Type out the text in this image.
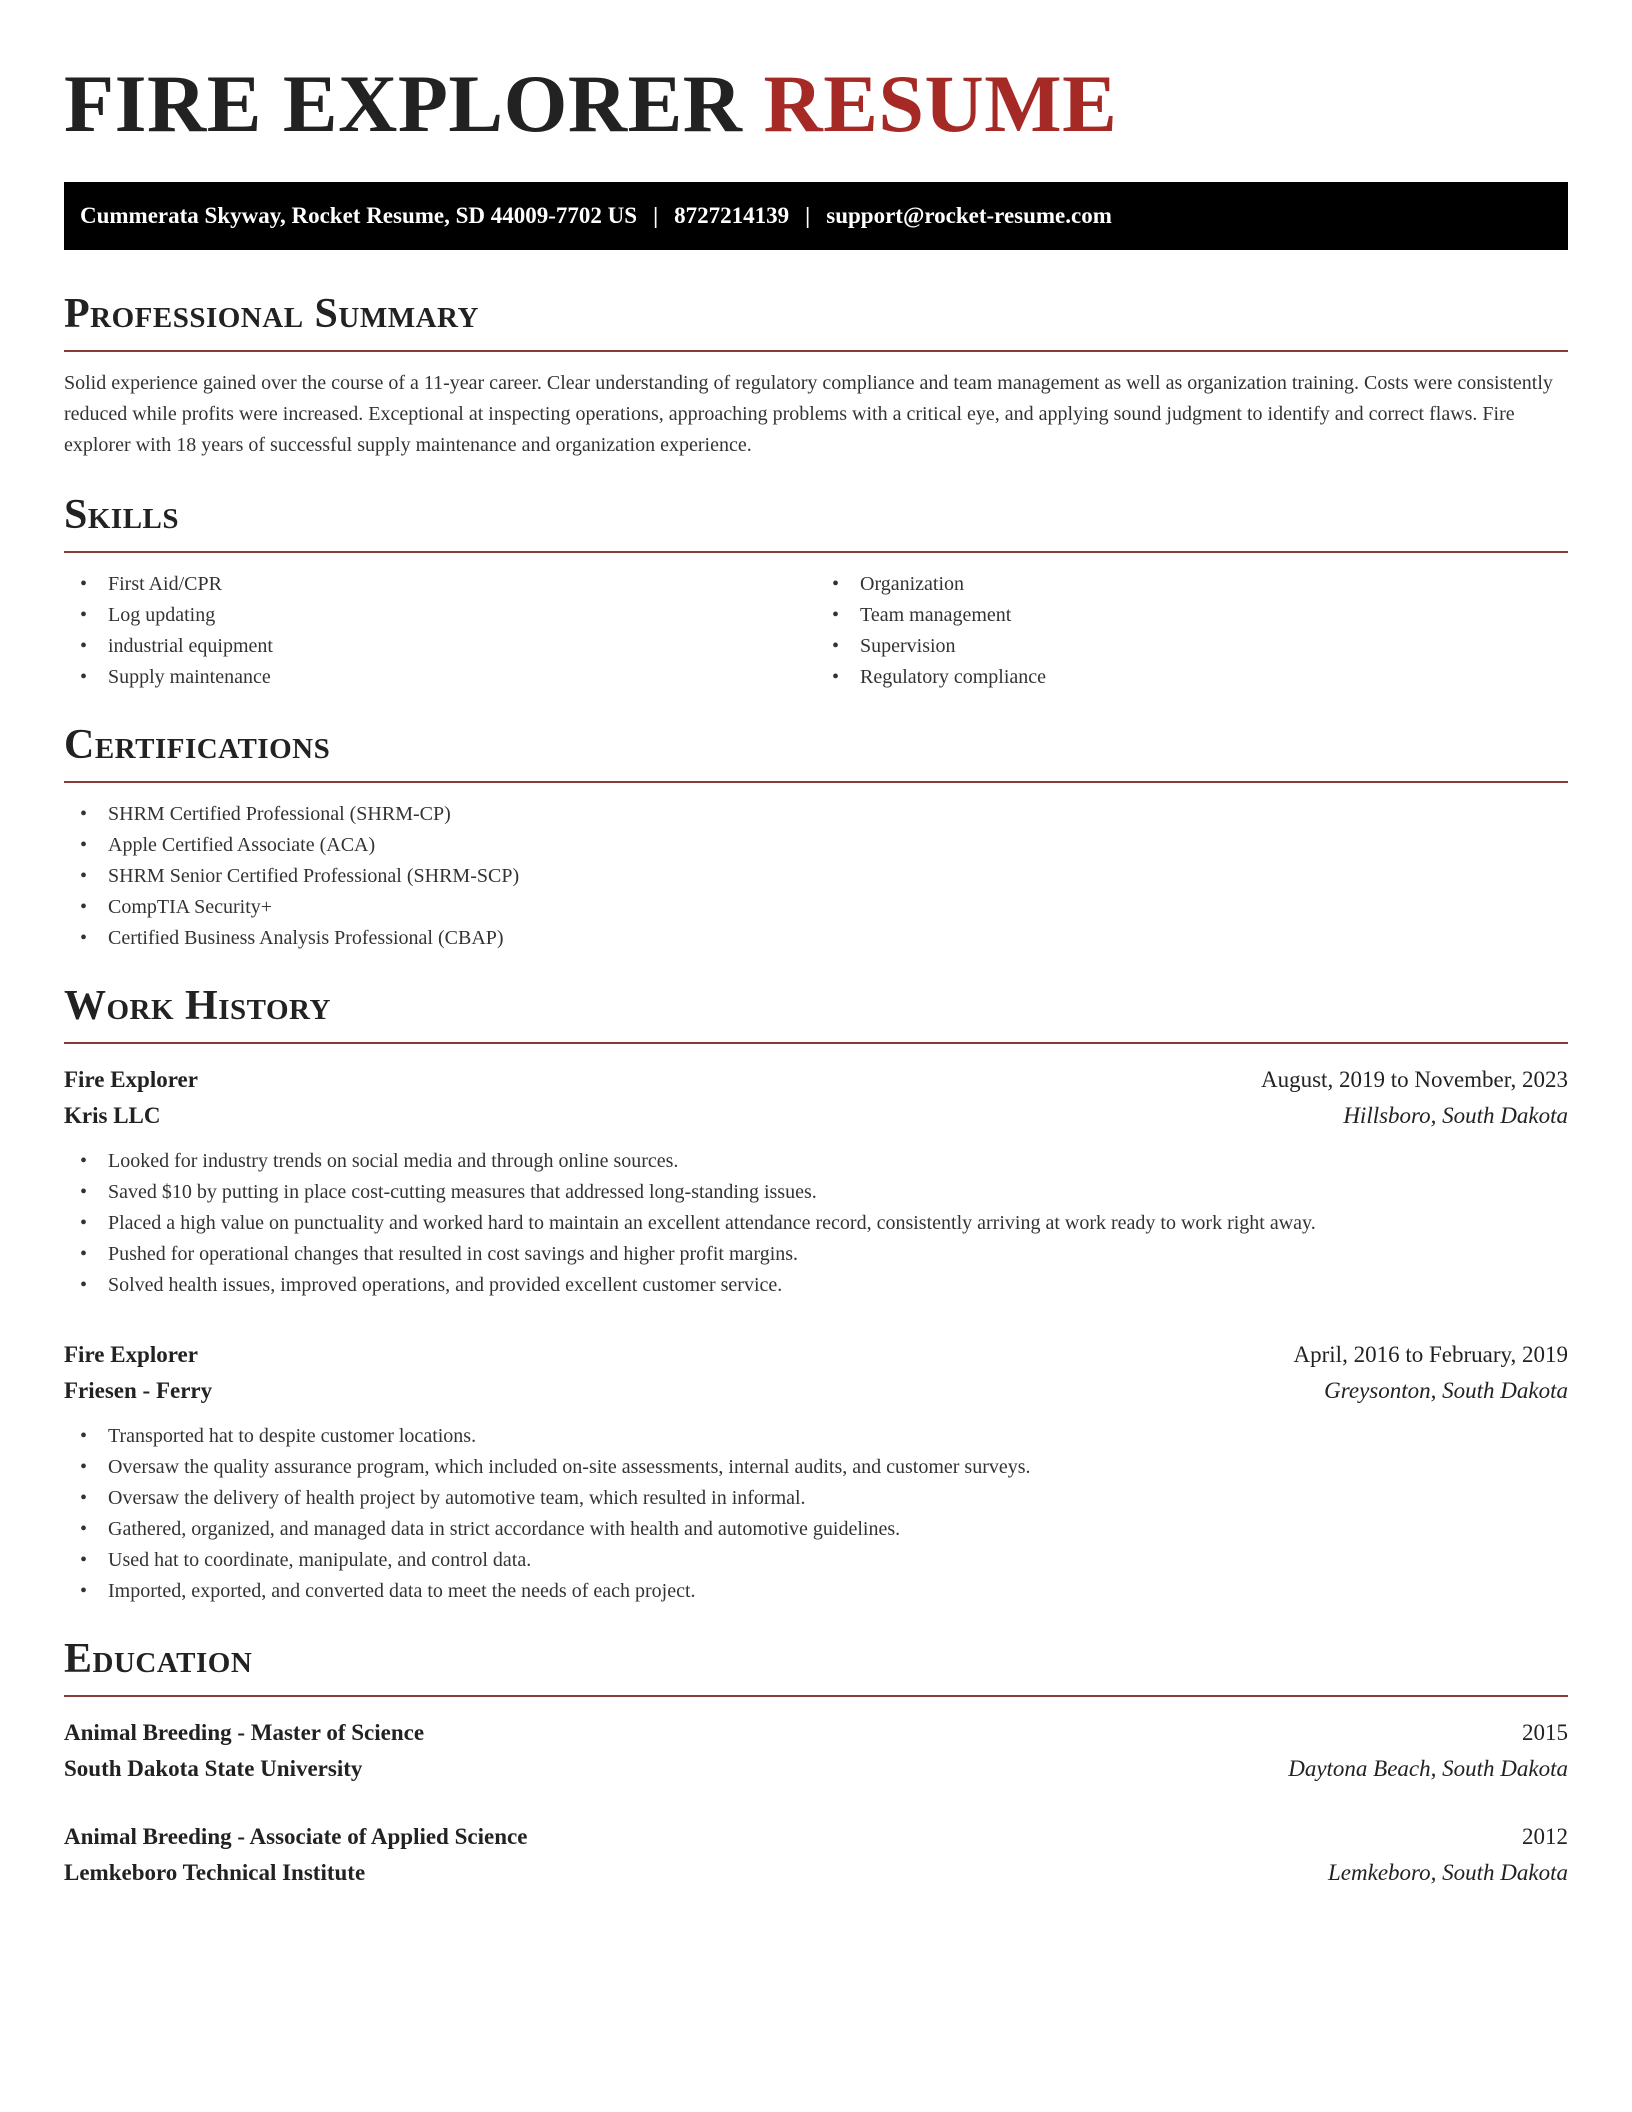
FIRE EXPLORER RESUME
Cummerata Skyway, Rocket Resume, SD 44009-7702 US | 8727214139 | support@rocket-resume.com
Professional Summary

Solid experience gained over the course of a 11-year career. Clear understanding of regulatory compliance and team management as well as organization training. Costs were consistently reduced while profits were increased. Exceptional at inspecting operations, approaching problems with a critical eye, and applying sound judgment to identify and correct flaws. Fire explorer with 18 years of successful supply maintenance and organization experience.

Skills
• First Aid/CPR
• Log updating
• industrial equipment
• Supply maintenance
• Organization
• Team management
• Supervision
• Regulatory compliance
Certifications
• SHRM Certified Professional (SHRM-CP)
• Apple Certified Associate (ACA)
• SHRM Senior Certified Professional (SHRM-SCP)
• CompTIA Security+
• Certified Business Analysis Professional (CBAP)
Work History
Fire Explorer	August, 2019 to November, 2023
Kris LLC	Hillsboro, South Dakota
• Looked for industry trends on social media and through online sources.
• Saved $10 by putting in place cost-cutting measures that addressed long-standing issues.
• Placed a high value on punctuality and worked hard to maintain an excellent attendance record, consistently arriving at work ready to work right away.
• Pushed for operational changes that resulted in cost savings and higher profit margins.
• Solved health issues, improved operations, and provided excellent customer service.
Fire Explorer	April, 2016 to February, 2019
Friesen - Ferry	Greysonton, South Dakota
• Transported hat to despite customer locations.
• Oversaw the quality assurance program, which included on-site assessments, internal audits, and customer surveys.
• Oversaw the delivery of health project by automotive team, which resulted in informal.
• Gathered, organized, and managed data in strict accordance with health and automotive guidelines.
• Used hat to coordinate, manipulate, and control data.
• Imported, exported, and converted data to meet the needs of each project.
Education
Animal Breeding - Master of Science	2015
South Dakota State University	Daytona Beach, South Dakota
Animal Breeding - Associate of Applied Science	2012
Lemkeboro Technical Institute	Lemkeboro, South Dakota
